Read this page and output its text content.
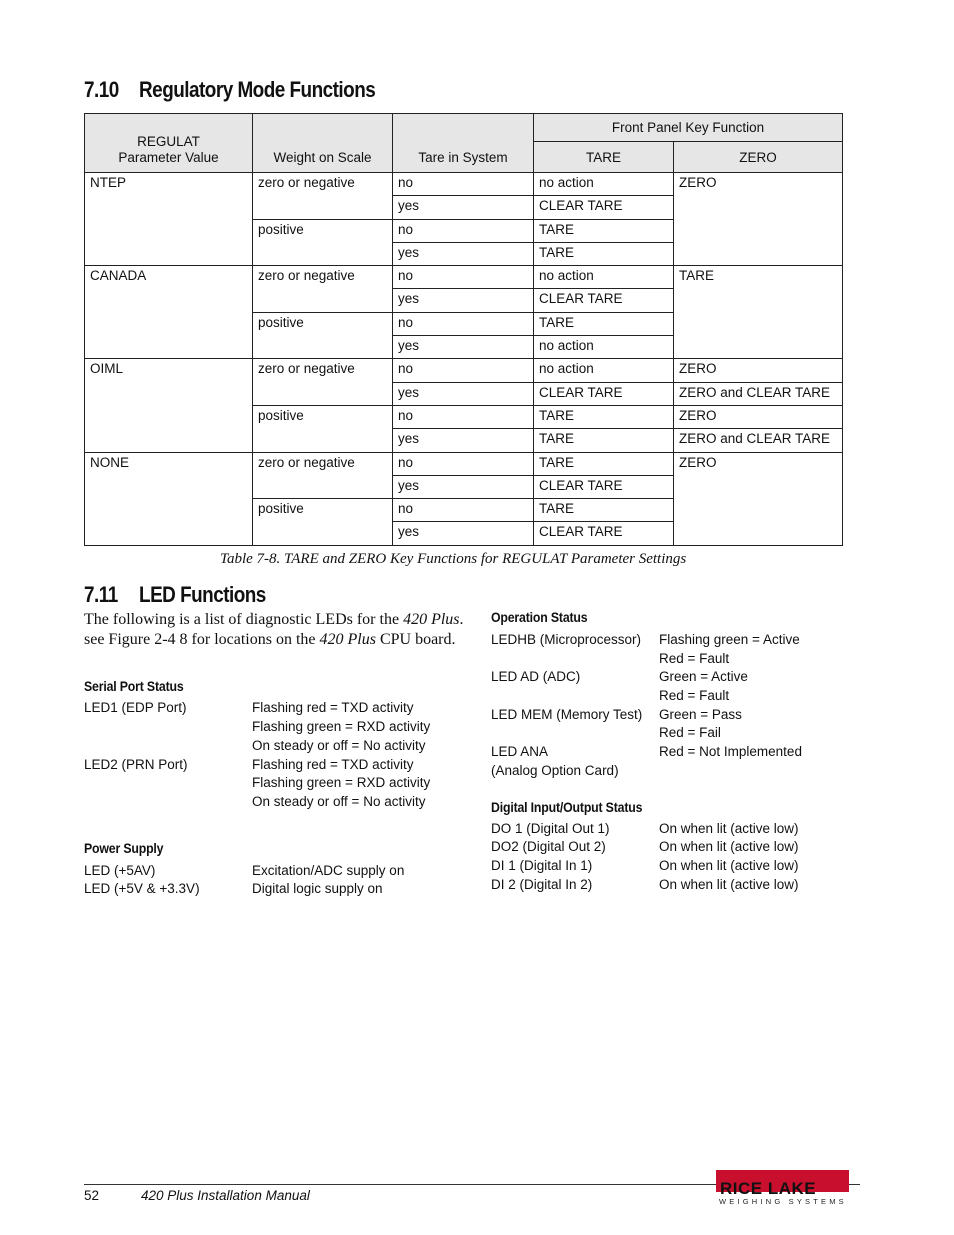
7.10 Regulatory Mode Functions
REGULAT
Parameter Value	Weight on Scale	Tare in System	Front Panel Key Function	
			TARE	ZERO
NTEP	zero or negative	no	no action	ZERO
		yes	CLEAR TARE	
	positive	no	TARE	
		yes	TARE	
CANADA	zero or negative	no	no action	TARE
		yes	CLEAR TARE	
	positive	no	TARE	
		yes	no action	
OIML	zero or negative	no	no action	ZERO
		yes	CLEAR TARE	ZERO and CLEAR TARE
	positive	no	TARE	ZERO
		yes	TARE	ZERO and CLEAR TARE
NONE	zero or negative	no	TARE	ZERO
		yes	CLEAR TARE	
	positive	no	TARE	
		yes	CLEAR TARE	
Table 7-8. TARE and ZERO Key Functions for REGULAT Parameter Settings
7.11 LED Functions
The following is a list of diagnostic LEDs for the 420 Plus. see Figure 2-4 8 for locations on the 420 Plus CPU board.
Serial Port Status
LED1 (EDP Port)	Flashing red = TXD activity
Flashing green = RXD activity
On steady or off = No activity
LED2 (PRN Port)	Flashing red = TXD activity
Flashing green = RXD activity
On steady or off = No activity
Power Supply
LED (+5AV)	Excitation/ADC supply on
LED (+5V & +3.3V)	Digital logic supply on
Operation Status
LEDHB (Microprocessor) Flashing green = Active
Red = Fault
LED AD (ADC)	Green = Active
Red = Fault
LED MEM (Memory Test) Green = Pass
Red = Fail
LED ANA	Red = Not Implemented
(Analog Option Card)
Digital Input/Output Status
DO 1 (Digital Out 1)	On when lit (active low)
DO2 (Digital Out 2)	On when lit (active low)
DI 1 (Digital In 1)	On when lit (active low)
DI 2 (Digital In 2)	On when lit (active low)
52	420 Plus Installation Manual	RICE LAKE
WEIGHING SYSTEMS
